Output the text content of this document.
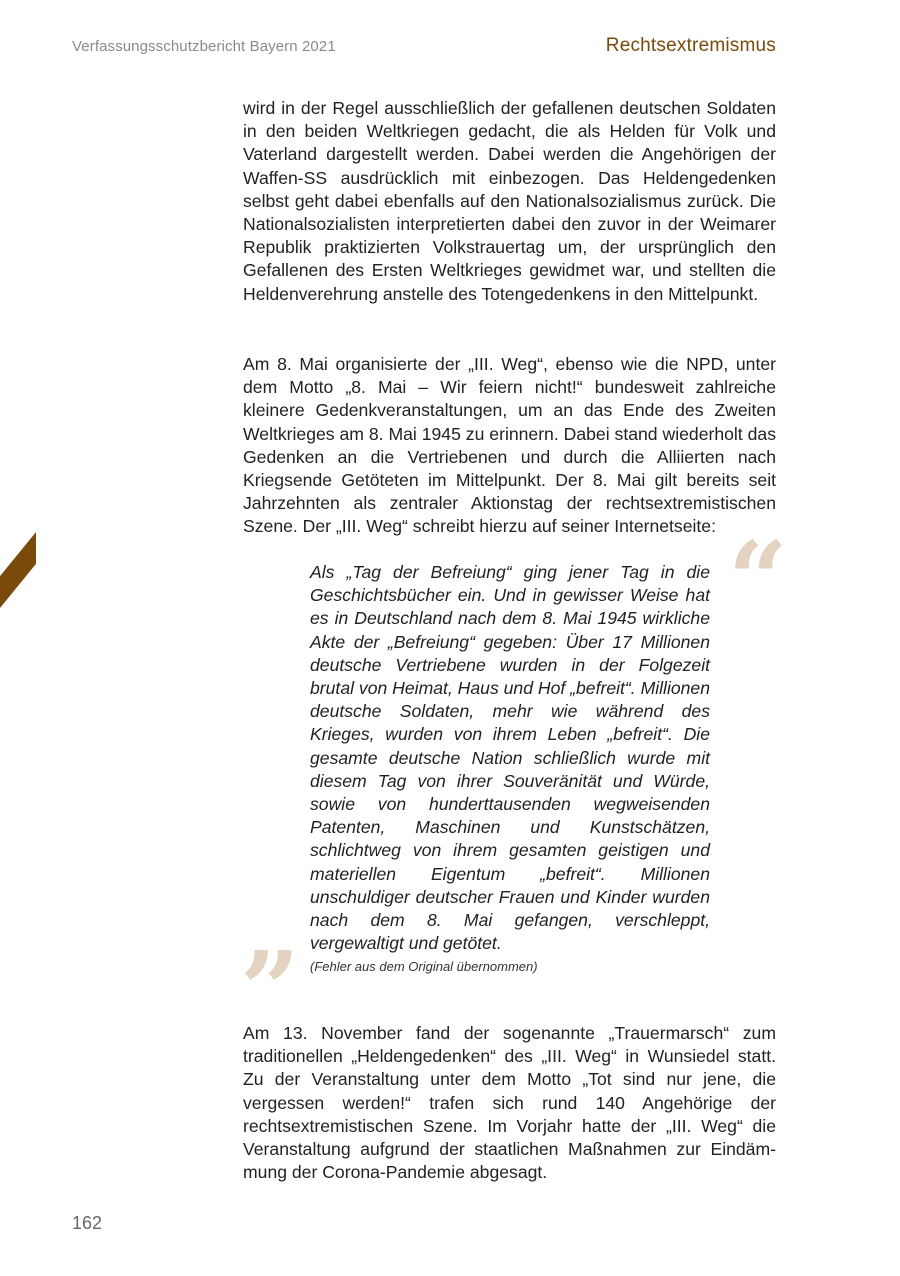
Verfassungsschutzbericht Bayern 2021	Rechtsextremismus

wird in der Regel ausschließlich der gefallenen deutschen Soldaten in den beiden Weltkriegen gedacht, die als Helden für Volk und Vaterland dargestellt werden. Dabei werden die Angehörigen der Waffen-SS ausdrücklich mit einbezogen. Das Heldengedenken selbst geht dabei ebenfalls auf den Nationalsozialismus zurück. Die Nationalsozialisten interpretierten dabei den zuvor in der Weimarer Republik praktizierten Volkstrauertag um, der ursprünglich den Gefallenen des Ersten Weltkrieges gewidmet war, und stellten die Heldenverehrung anstelle des Totengedenkens in den Mittelpunkt.

Am 8. Mai organisierte der „III. Weg“, ebenso wie die NPD, unter dem Motto „8. Mai – Wir feiern nicht!“ bundesweit zahlreiche kleinere Gedenkveranstaltungen, um an das Ende des Zweiten Weltkrieges am 8. Mai 1945 zu erinnern. Dabei stand wiederholt das Gedenken an die Vertriebenen und durch die Alliierten nach Kriegsende Getöteten im Mittelpunkt. Der 8. Mai gilt bereits seit Jahrzehnten als zentraler Aktionstag der rechtsextremistischen Szene. Der „III. Weg“ schreibt hierzu auf seiner Internetseite: “

Als „Tag der Befreiung“ ging jener Tag in die Geschichtsbücher ein. Und in gewisser Weise hat es in Deutschland nach dem 8. Mai 1945 wirkliche Akte der „Befreiung“ gegeben: Über 17 Millionen deutsche Vertriebene wurden in der Folgezeit brutal von Heimat, Haus und Hof „befreit“. Millionen deutsche Soldaten, mehr wie während des Krieges, wurden von ihrem Leben „befreit“. Die gesamte deutsche Nation schließlich wurde mit diesem Tag von ihrer Souveränität und Würde, sowie von hunderttausenden wegweisenden Patenten, Maschinen und Kunstschätzen, schlichtweg von ihrem gesamten geistigen und materiellen Eigentum „befreit“. Millionen unschuldiger deutscher Frauen und Kinder wurden nach dem 8. Mai gefangen, verschleppt, vergewaltigt und getötet.

(Fehler aus dem Original übernommen)

”

Am 13. November fand der sogenannte „Trauermarsch“ zum traditionellen „Heldengedenken“ des „III. Weg“ in Wunsiedel statt. Zu der Veranstaltung unter dem Motto „Tot sind nur jene, die vergessen werden!“ trafen sich rund 140 Angehörige der rechtsextremistischen Szene. Im Vorjahr hatte der „III. Weg“ die Veranstaltung aufgrund der staatlichen Maßnahmen zur Eindämmung der Corona-Pandemie abgesagt.

162
